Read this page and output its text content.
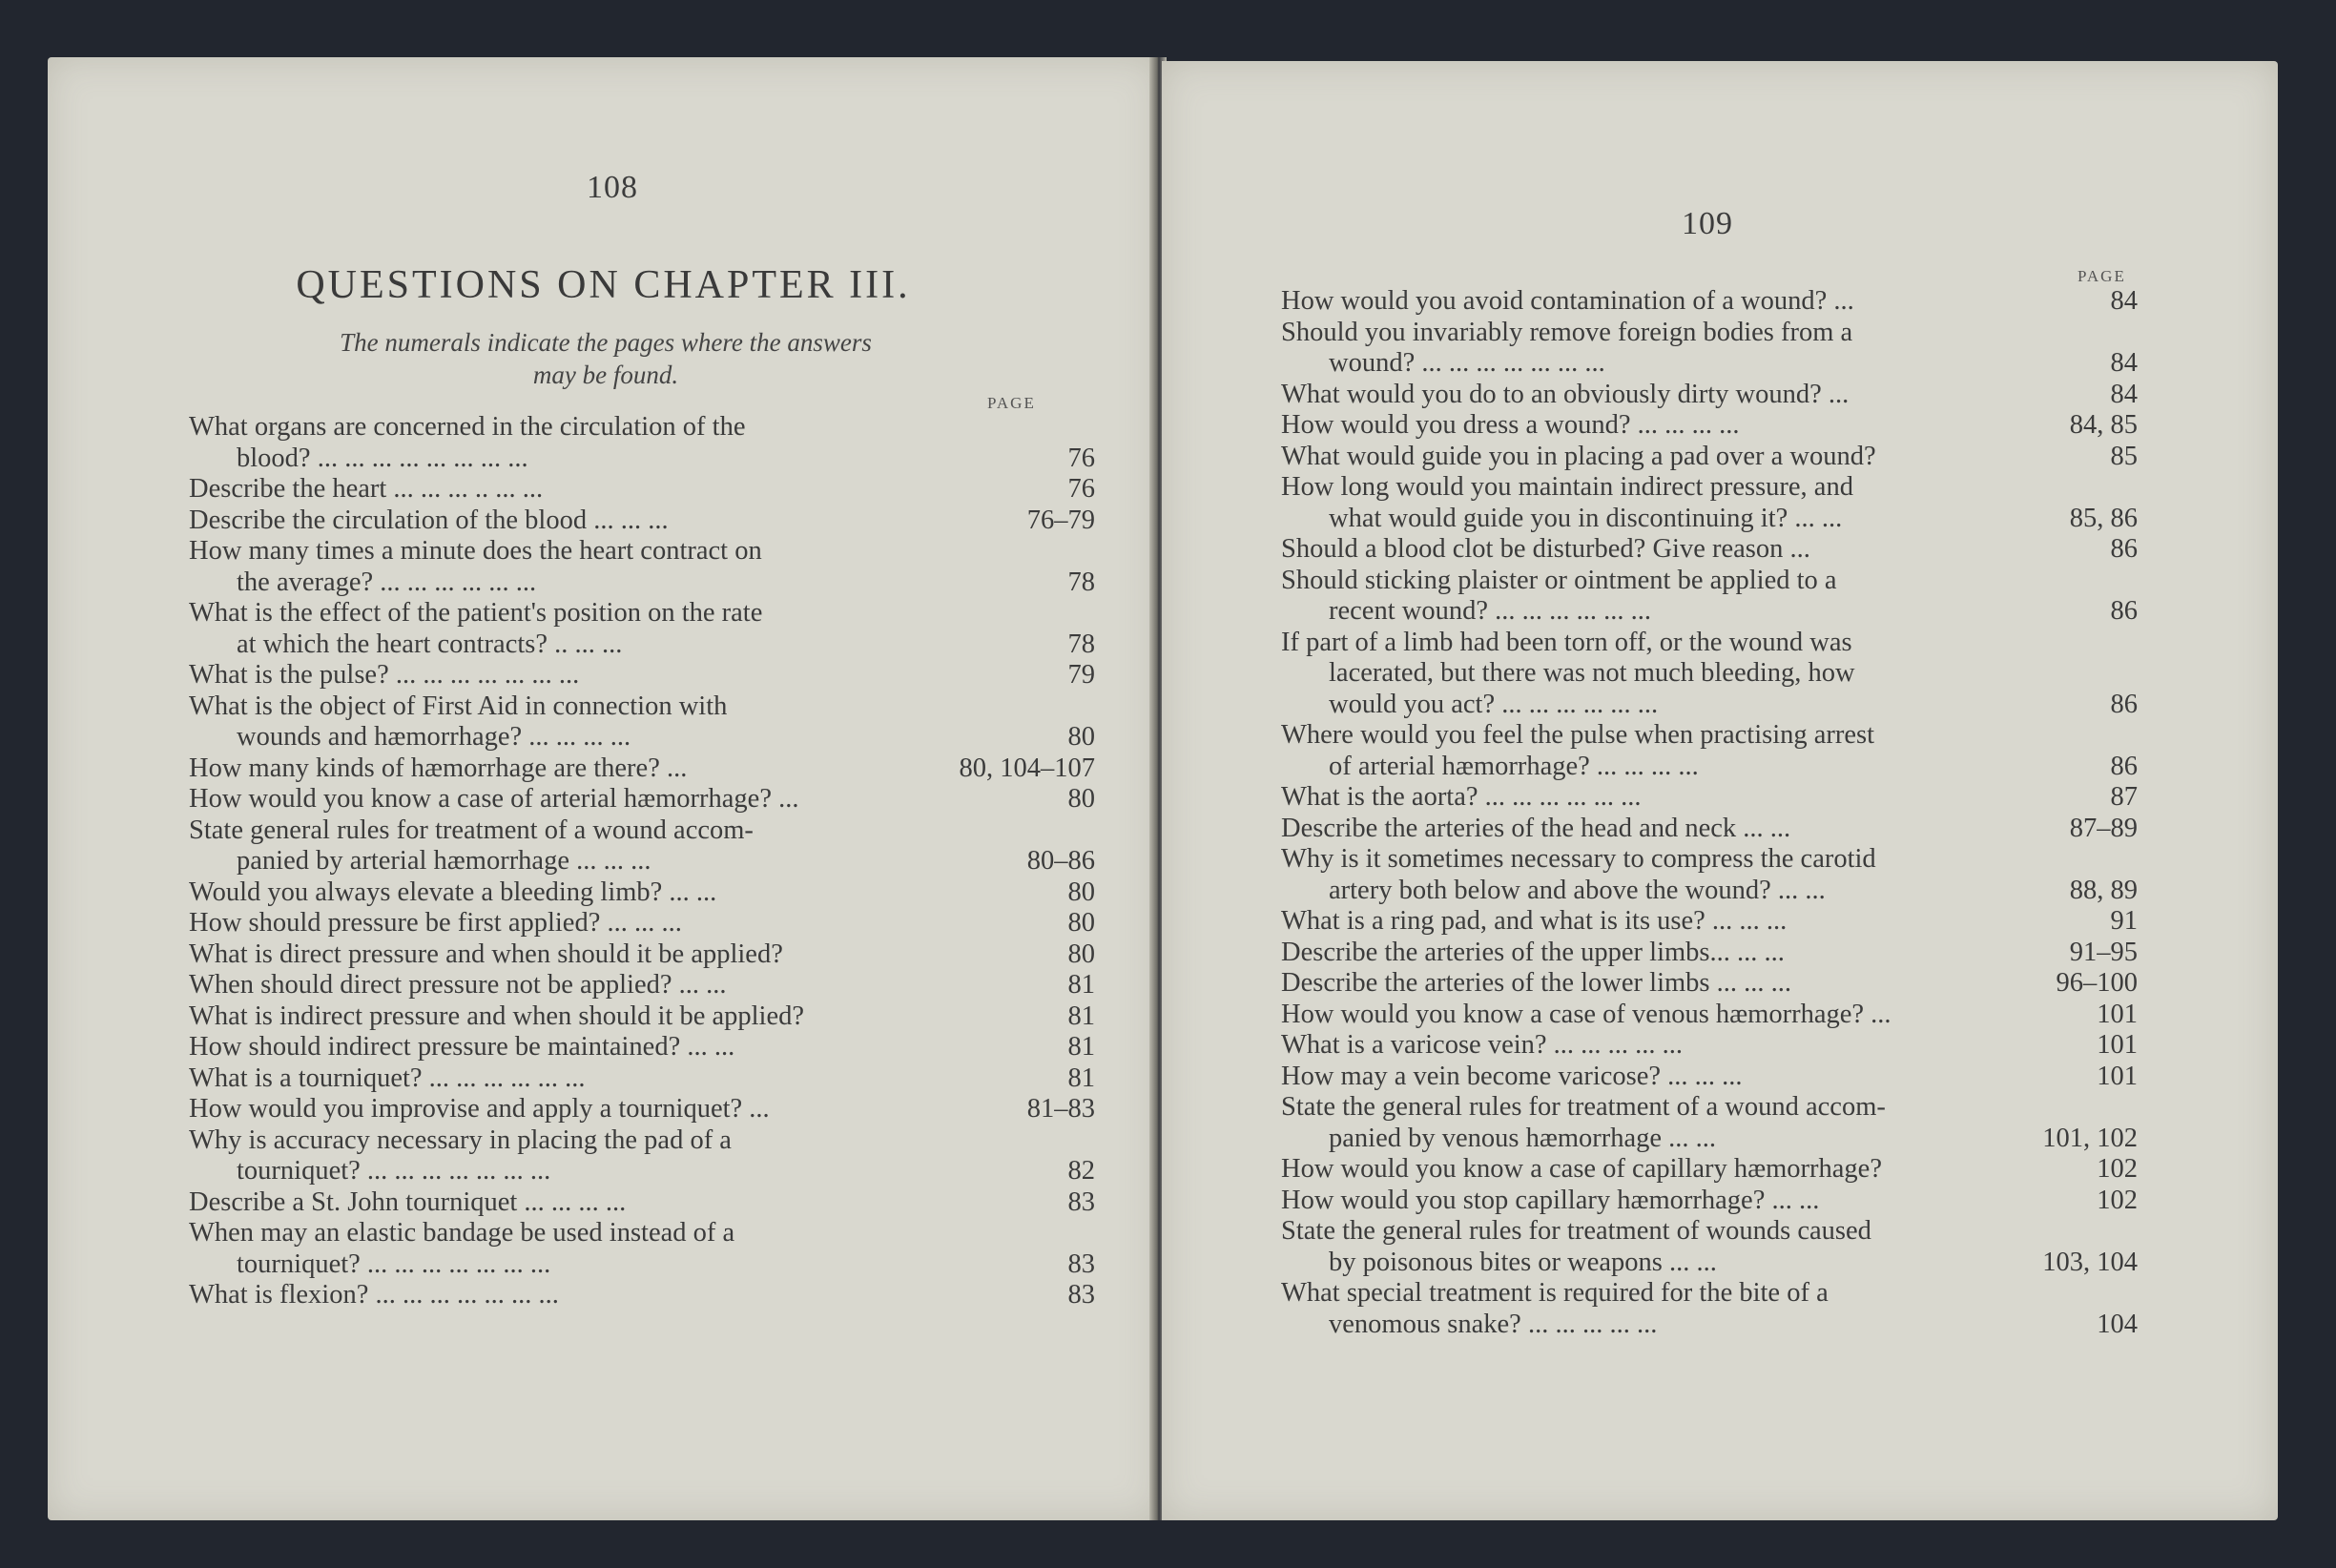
108
QUESTIONS ON CHAPTER III.
The numerals indicate the pages where the answers
may be found.
PAGE
What organs are concerned in the circulation of the
blood? ... ... ... ... ... ... ... ...	76
Describe the heart ... ... ... .. ... ...	76
Describe the circulation of the blood ... ... ...	76–79
How many times a minute does the heart contract on
the average? ... ... ... ... ... ...	78
What is the effect of the patient's position on the rate
at which the heart contracts? .. ... ...	78
What is the pulse? ... ... ... ... ... ... ...	79
What is the object of First Aid in connection with
wounds and hæmorrhage? ... ... ... ...	80
How many kinds of hæmorrhage are there? ...	80, 104–107
How would you know a case of arterial hæmorrhage? ...	80
State general rules for treatment of a wound accom-
panied by arterial hæmorrhage ... ... ...	80–86
Would you always elevate a bleeding limb? ... ...	80
How should pressure be first applied? ... ... ...	80
What is direct pressure and when should it be applied?	80
When should direct pressure not be applied? ... ...	81
What is indirect pressure and when should it be applied?	81
How should indirect pressure be maintained? ... ...	81
What is a tourniquet? ... ... ... ... ... ...	81
How would you improvise and apply a tourniquet? ...	81–83
Why is accuracy necessary in placing the pad of a
tourniquet? ... ... ... ... ... ... ...	82
Describe a St. John tourniquet ... ... ... ...	83
When may an elastic bandage be used instead of a
tourniquet? ... ... ... ... ... ... ...	83
What is flexion? ... ... ... ... ... ... ...	83
109
PAGE
How would you avoid contamination of a wound? ...	84
Should you invariably remove foreign bodies from a
wound? ... ... ... ... ... ... ...	84
What would you do to an obviously dirty wound? ...	84
How would you dress a wound? ... ... ... ...	84, 85
What would guide you in placing a pad over a wound?	85
How long would you maintain indirect pressure, and
what would guide you in discontinuing it? ... ...	85, 86
Should a blood clot be disturbed? Give reason ...	86
Should sticking plaister or ointment be applied to a
recent wound? ... ... ... ... ... ...	86
If part of a limb had been torn off, or the wound was
lacerated, but there was not much bleeding, how
would you act? ... ... ... ... ... ...	86
Where would you feel the pulse when practising arrest
of arterial hæmorrhage? ... ... ... ...	86
What is the aorta? ... ... ... ... ... ...	87
Describe the arteries of the head and neck ... ...	87–89
Why is it sometimes necessary to compress the carotid
artery both below and above the wound? ... ...	88, 89
What is a ring pad, and what is its use? ... ... ...	91
Describe the arteries of the upper limbs... ... ...	91–95
Describe the arteries of the lower limbs ... ... ...	96–100
How would you know a case of venous hæmorrhage? ...	101
What is a varicose vein? ... ... ... ... ...	101
How may a vein become varicose? ... ... ...	101
State the general rules for treatment of a wound accom-
panied by venous hæmorrhage ... ...	101, 102
How would you know a case of capillary hæmorrhage?	102
How would you stop capillary hæmorrhage? ... ...	102
State the general rules for treatment of wounds caused
by poisonous bites or weapons ... ...	103, 104
What special treatment is required for the bite of a
venomous snake? ... ... ... ... ...	104
